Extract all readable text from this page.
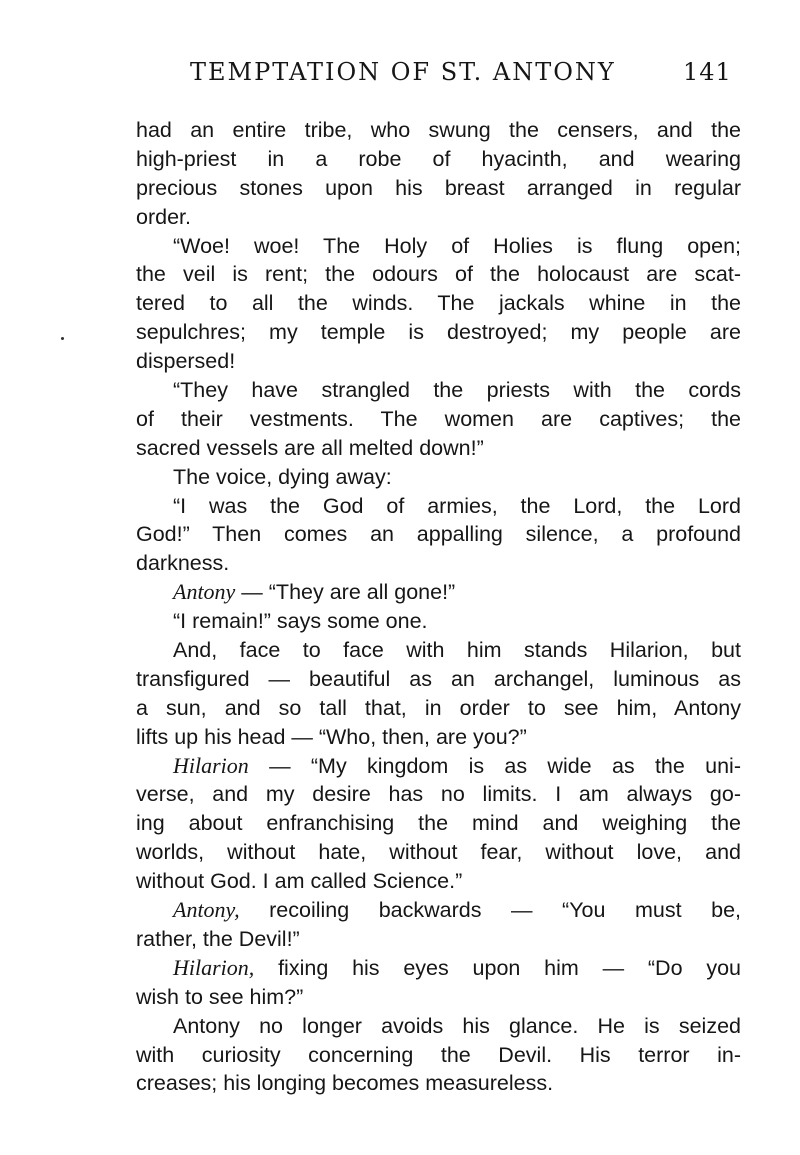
TEMPTATION OF ST. ANTONY	141
had an entire tribe, who swung the censers, and the
high-priest in a robe of hyacinth, and wearing
precious stones upon his breast arranged in regular
order.
“Woe! woe! The Holy of Holies is flung open;
the veil is rent; the odours of the holocaust are scat-
tered to all the winds. The jackals whine in the
sepulchres; my temple is destroyed; my people are
dispersed!
“They have strangled the priests with the cords
of their vestments. The women are captives; the
sacred vessels are all melted down!”
The voice, dying away:
“I was the God of armies, the Lord, the Lord
God!” Then comes an appalling silence, a profound
darkness.
Antony — “They are all gone!”
“I remain!” says some one.
And, face to face with him stands Hilarion, but
transfigured — beautiful as an archangel, luminous as
a sun, and so tall that, in order to see him, Antony
lifts up his head — “Who, then, are you?”
Hilarion — “My kingdom is as wide as the uni-
verse, and my desire has no limits. I am always go-
ing about enfranchising the mind and weighing the
worlds, without hate, without fear, without love, and
without God. I am called Science.”
Antony, recoiling backwards — “You must be,
rather, the Devil!”
Hilarion, fixing his eyes upon him — “Do you
wish to see him?”
Antony no longer avoids his glance. He is seized
with curiosity concerning the Devil. His terror in-
creases; his longing becomes measureless.
